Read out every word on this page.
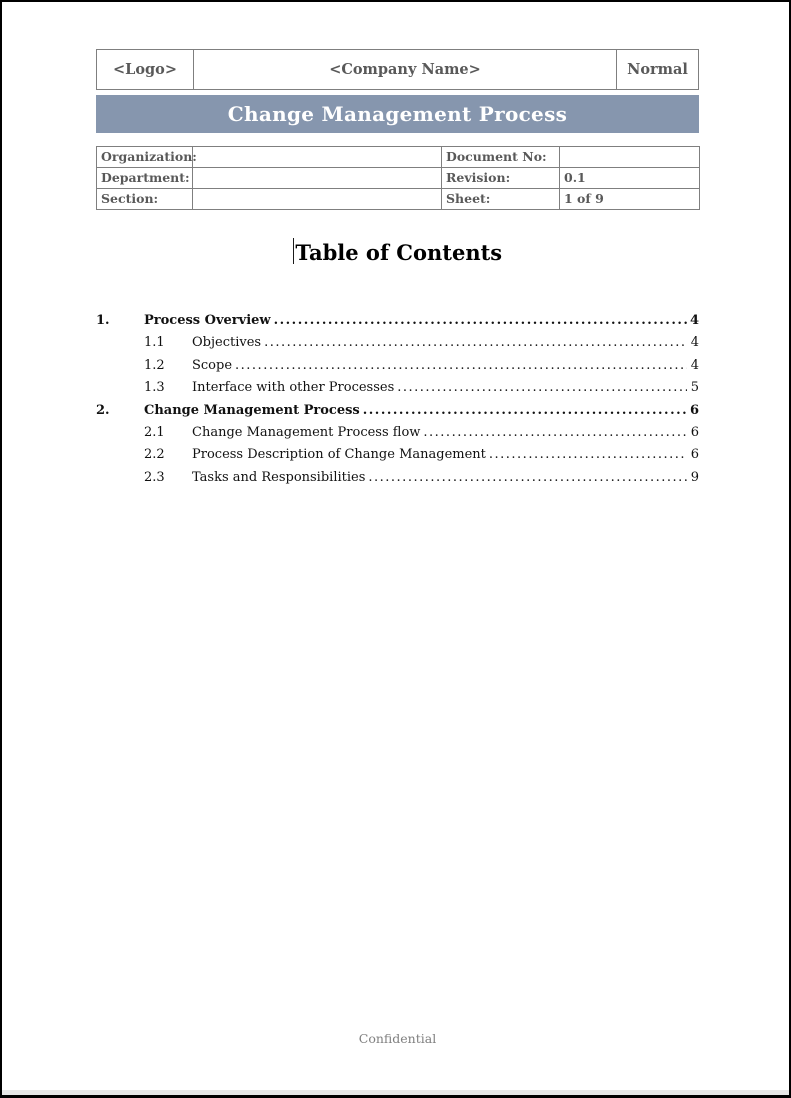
<Logo>	<Company Name>	Normal
Change Management Process
Organization:		Document No:	
Department:		Revision:	0.1
Section:		Sheet:	1 of 9
Table of Contents
1.	Process Overview .....	4
1.1	Objectives .....	4
1.2	Scope .....	4
1.3	Interface with other Processes .....	5
2.	Change Management Process .....	6
2.1	Change Management Process flow .....	6
2.2	Process Description of Change Management .....	6
2.3	Tasks and Responsibilities .....	9
Confidential
